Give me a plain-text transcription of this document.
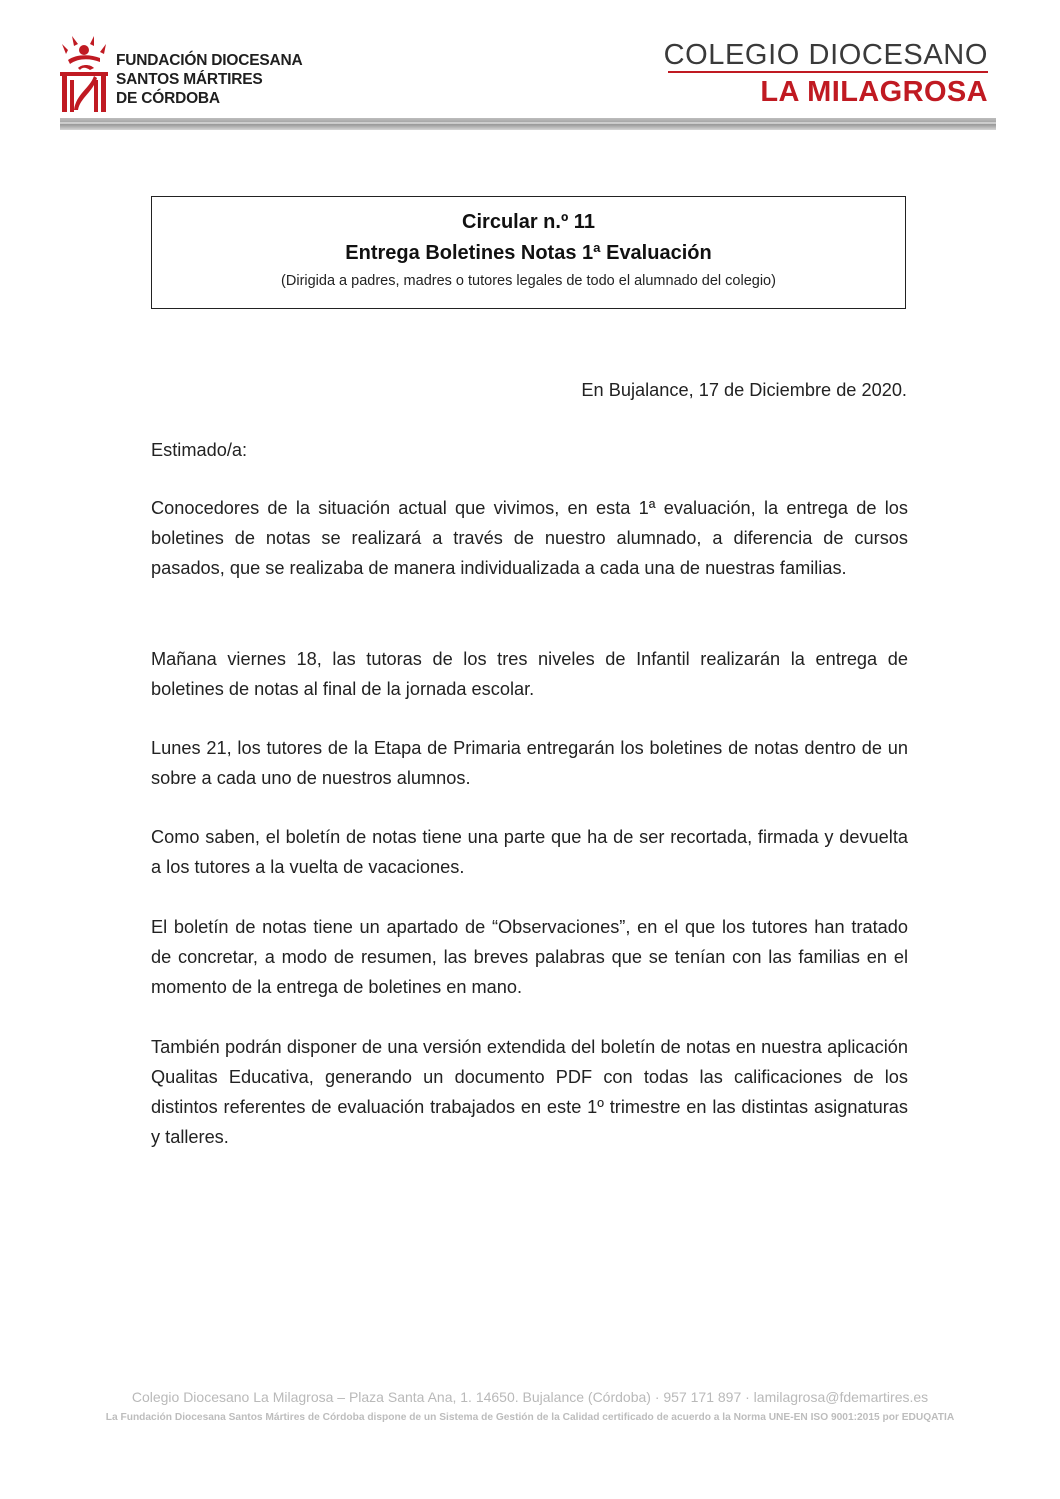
FUNDACIÓN DIOCESANA
SANTOS MÁRTIRES
DE CÓRDOBA
COLEGIO DIOCESANO
LA MILAGROSA
Circular n.º 11
Entrega Boletines Notas 1ª Evaluación
(Dirigida a padres, madres o tutores legales de todo el alumnado del colegio)
En Bujalance, 17 de Diciembre de 2020.
Estimado/a:

Conocedores de la situación actual que vivimos, en esta 1ª evaluación, la entrega de los boletines de notas se realizará a través de nuestro alumnado, a diferencia de cursos pasados, que se realizaba de manera individualizada a cada una de nuestras familias.

Mañana viernes 18, las tutoras de los tres niveles de Infantil realizarán la entrega de boletines de notas al final de la jornada escolar.

Lunes 21, los tutores de la Etapa de Primaria entregarán los boletines de notas dentro de un sobre a cada uno de nuestros alumnos.

Como saben, el boletín de notas tiene una parte que ha de ser recortada, firmada y devuelta a los tutores a la vuelta de vacaciones.

El boletín de notas tiene un apartado de “Observaciones”, en el que los tutores han tratado de concretar, a modo de resumen, las breves palabras que se tenían con las familias en el momento de la entrega de boletines en mano.

También podrán disponer de una versión extendida del boletín de notas en nuestra aplicación Qualitas Educativa, generando un documento PDF con todas las calificaciones de los distintos referentes de evaluación trabajados en este 1º trimestre en las distintas asignaturas y talleres.

Colegio Diocesano La Milagrosa – Plaza Santa Ana, 1. 14650. Bujalance (Córdoba) · 957 171 897 · lamilagrosa@fdemartires.es
La Fundación Diocesana Santos Mártires de Córdoba dispone de un Sistema de Gestión de la Calidad certificado de acuerdo a la Norma UNE-EN ISO 9001:2015 por EDUQATIA
